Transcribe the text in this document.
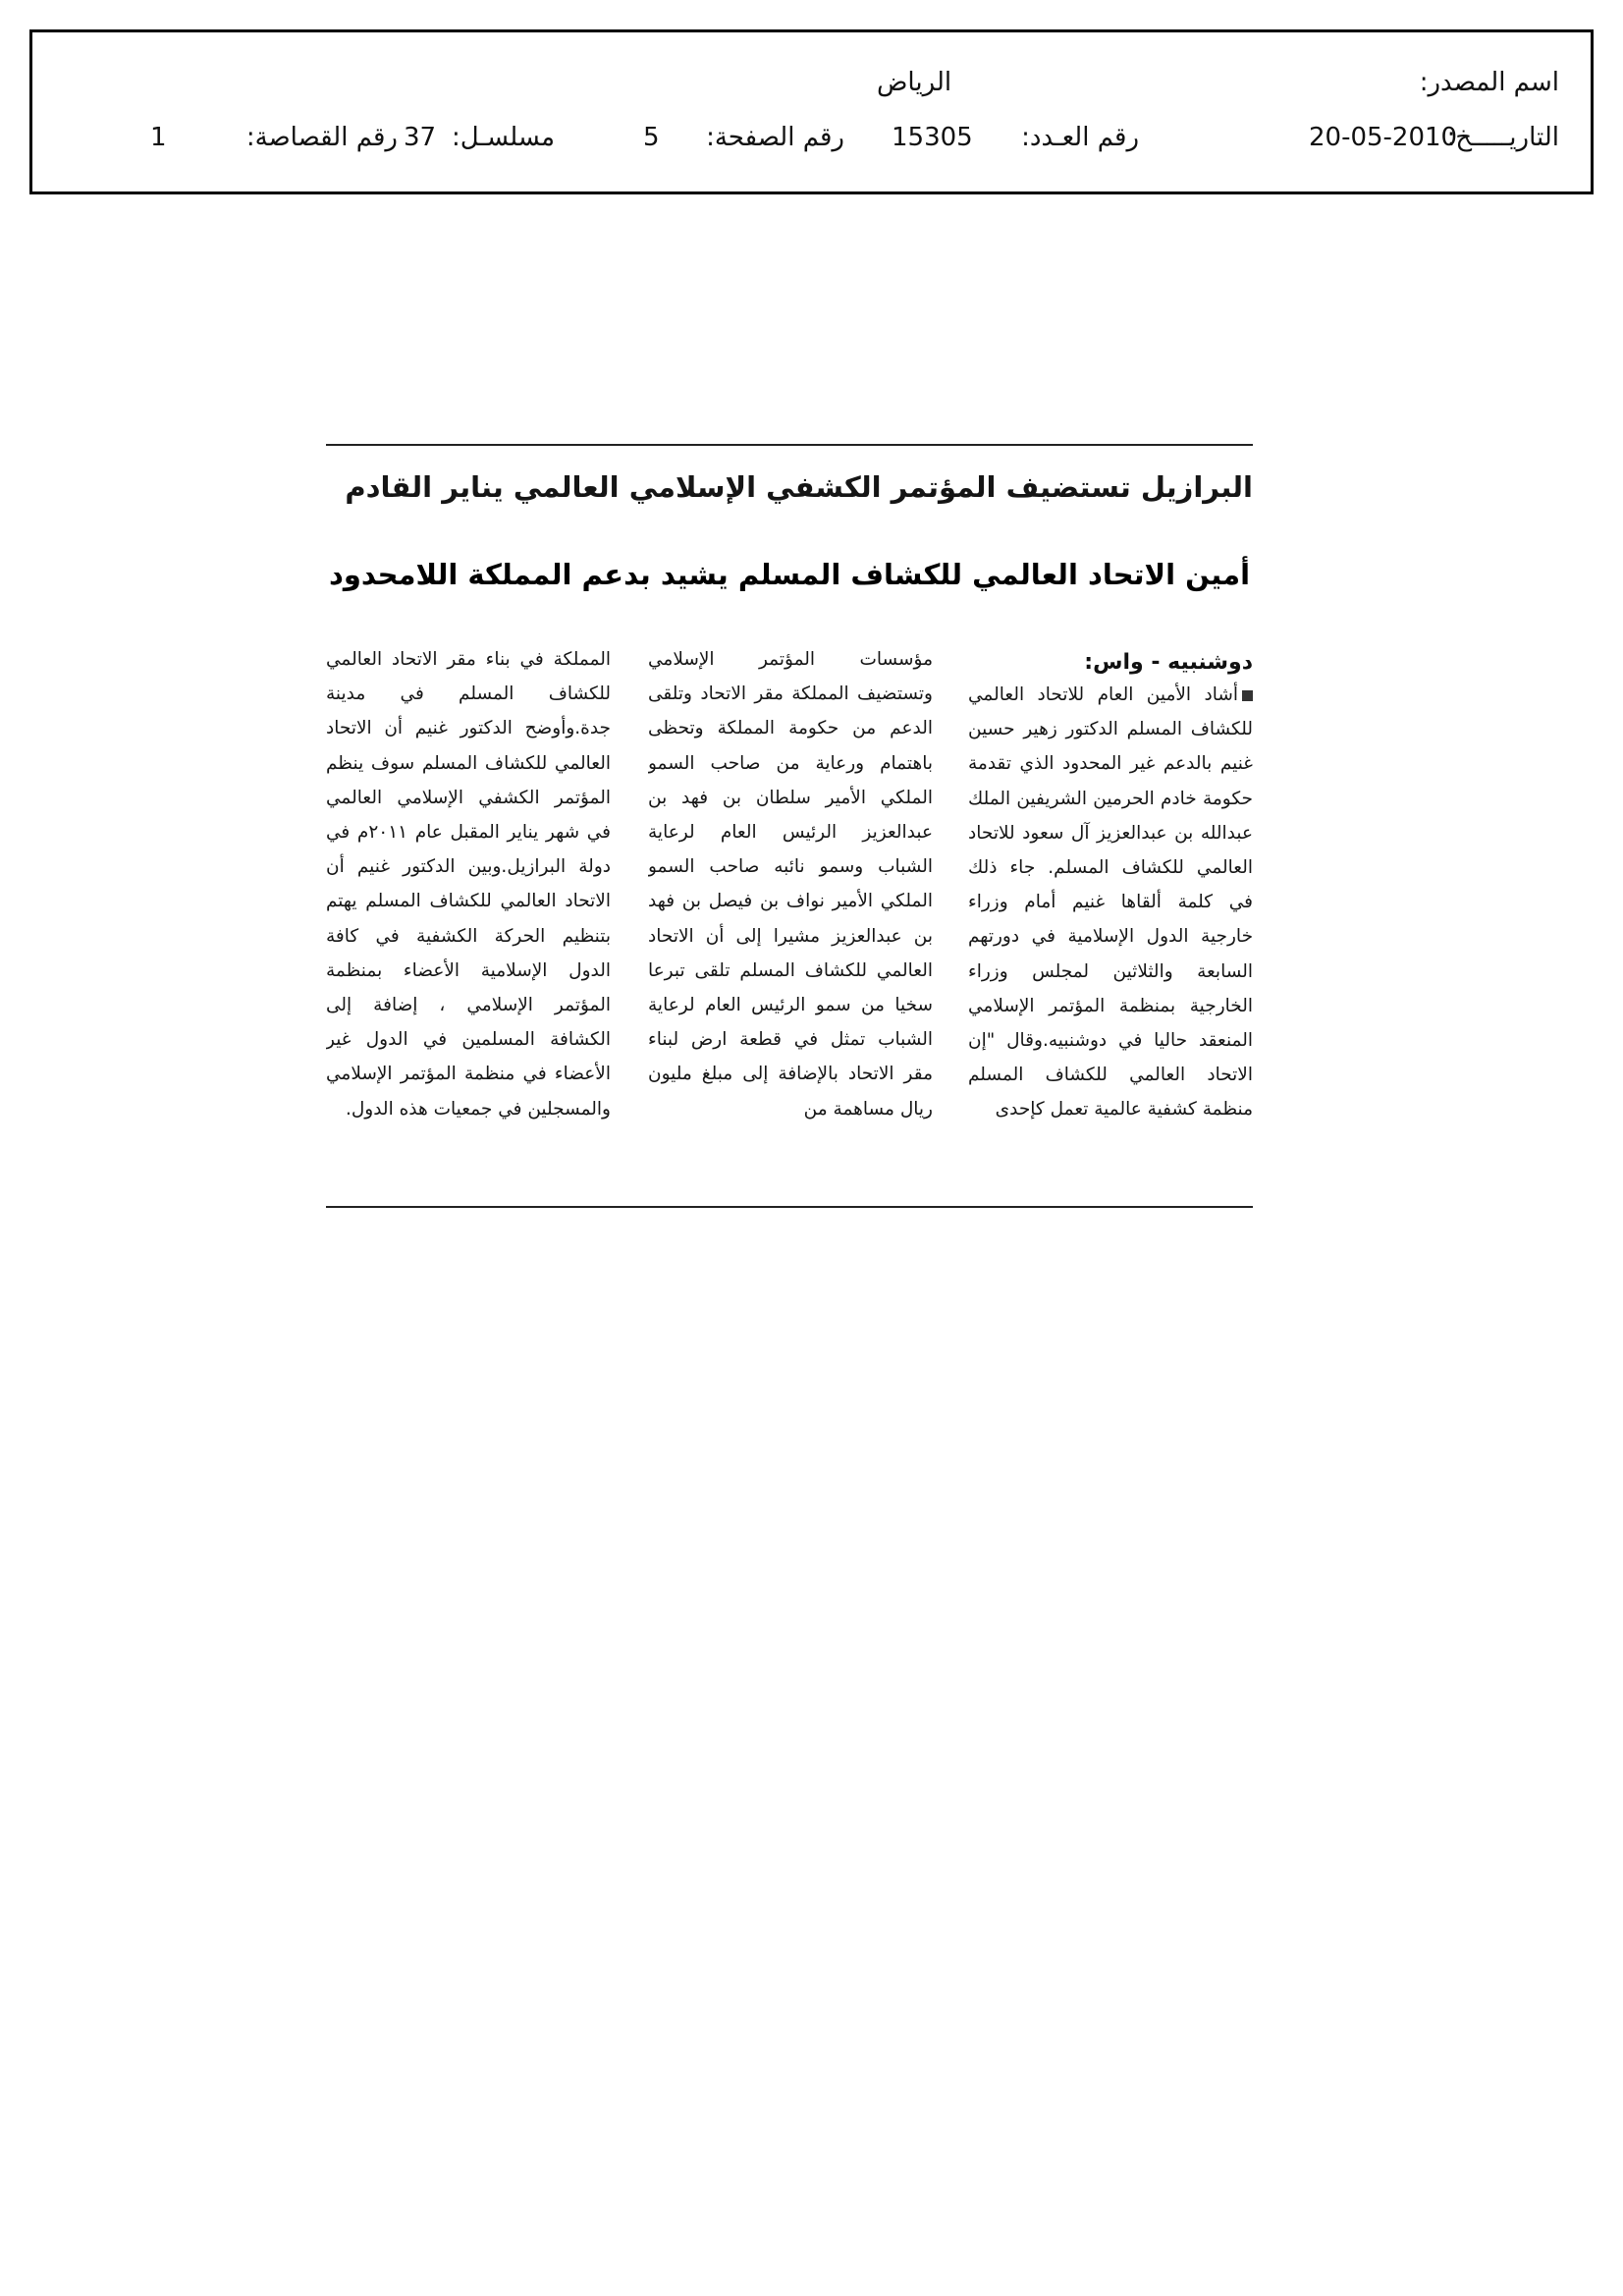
اسم المصدر:
الرياض
التاريـــــخ:
20-05-2010
رقم العـدد:
15305
رقم الصفحة:
5
مسلسـل:
37
رقم القصاصة:
1
البرازيل تستضيف المؤتمر الكشفي الإسلامي العالمي يناير القادم
أمين الاتحاد العالمي للكشاف المسلم يشيد بدعم المملكة اللامحدود
دوشنبيه - واس:
أشاد الأمين العام للاتحاد العالمي للكشاف المسلم الدكتور زهير حسين غنيم بالدعم غير المحدود الذي تقدمة حكومة خادم الحرمين الشريفين الملك عبدالله بن عبدالعزيز آل سعود للاتحاد العالمي للكشاف المسلم. جاء ذلك في كلمة ألقاها غنيم أمام وزراء خارجية الدول الإسلامية في دورتهم السابعة والثلاثين لمجلس وزراء الخارجية بمنظمة المؤتمر الإسلامي المنعقد حاليا في دوشنبيه.وقال "إن الاتحاد العالمي للكشاف المسلم منظمة كشفية عالمية تعمل كإحدى
مؤسسات المؤتمر الإسلامي وتستضيف المملكة مقر الاتحاد وتلقى الدعم من حكومة المملكة وتحظى باهتمام ورعاية من صاحب السمو الملكي الأمير سلطان بن فهد بن عبدالعزيز الرئيس العام لرعاية الشباب وسمو نائبه صاحب السمو الملكي الأمير نواف بن فيصل بن فهد بن عبدالعزيز مشيرا إلى أن الاتحاد العالمي للكشاف المسلم تلقى تبرعا سخيا من سمو الرئيس العام لرعاية الشباب تمثل في قطعة ارض لبناء مقر الاتحاد بالإضافة إلى مبلغ مليون ريال مساهمة من
المملكة في بناء مقر الاتحاد العالمي للكشاف المسلم في مدينة جدة.وأوضح الدكتور غنيم أن الاتحاد العالمي للكشاف المسلم سوف ينظم المؤتمر الكشفي الإسلامي العالمي في شهر يناير المقبل عام ٢٠١١م في دولة البرازيل.وبين الدكتور غنيم أن الاتحاد العالمي للكشاف المسلم يهتم بتنظيم الحركة الكشفية في كافة الدول الإسلامية الأعضاء بمنظمة المؤتمر الإسلامي ، إضافة إلى الكشافة المسلمين في الدول غير الأعضاء في منظمة المؤتمر الإسلامي والمسجلين في جمعيات هذه الدول.
